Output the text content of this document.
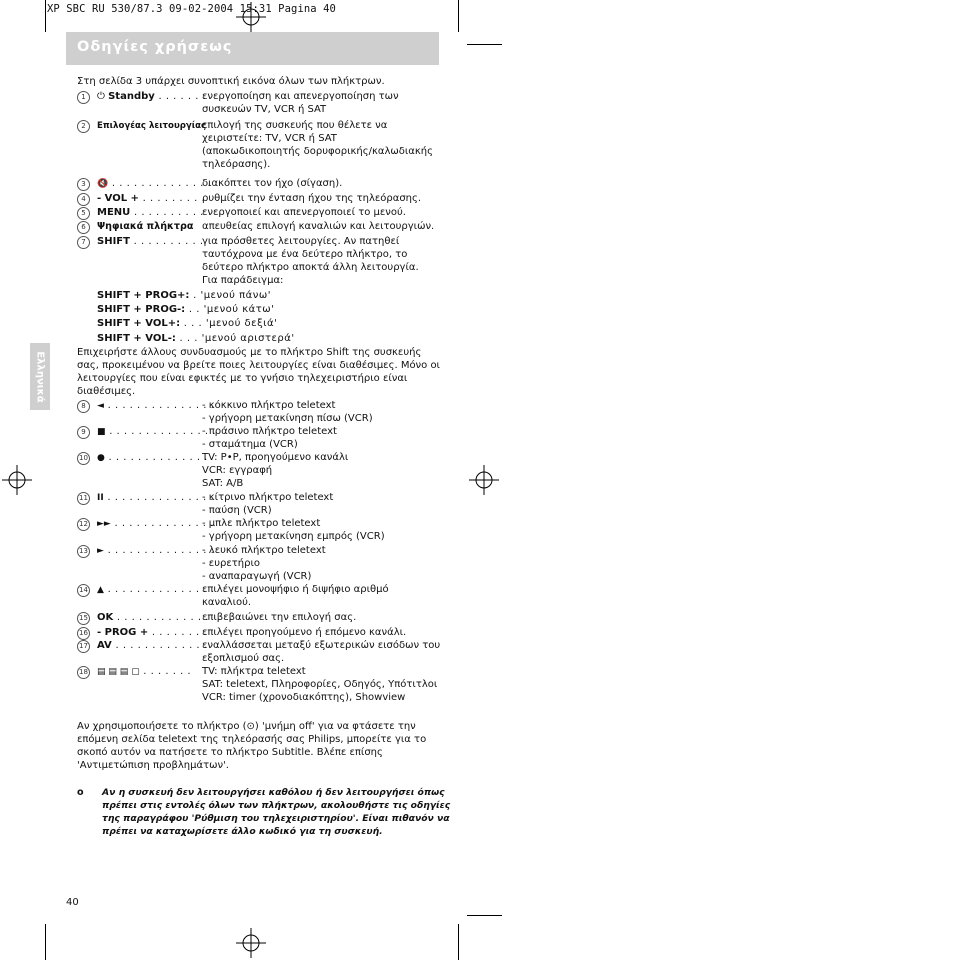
XP SBC RU 530/87.3 09-02-2004 15:31 Pagina 40
Οδηγίες χρήσεως
Ελληνικά
Στη σελίδα 3 υπάρχει συνοπτική εικόνα όλων των πλήκτρων.
1	⏻ Standby . . . . . . .
ενεργοποίηση και απενεργοποίηση των
συσκευών TV, VCR ή SAT
2	Επιλογέας λειτουργίας
επιλογή της συσκευής που θέλετε να
χειριστείτε: TV, VCR ή SAT
(αποκωδικοποιητής δορυφορικής/καλωδιακής
τηλεόρασης).
3	🔇 . . . . . . . . . . . . . .
διακόπτει τον ήχο (σίγαση).
4	- VOL + . . . . . . . . .
ρυθμίζει την ένταση ήχου της τηλεόρασης.
5	MENU . . . . . . . . . .
ενεργοποιεί και απενεργοποιεί το μενού.
6	Ψηφιακά πλήκτρα απευθείας επιλογή καναλιών και λειτουργιών.
7	SHIFT . . . . . . . . . .
για πρόσθετες λειτουργίες. Αν πατηθεί
ταυτόχρονα με ένα δεύτερο πλήκτρο, το
δεύτερο πλήκτρο αποκτά άλλη λειτουργία.
Για παράδειγμα:
SHIFT + PROG+: . 'μενού πάνω'
SHIFT + PROG-: . . 'μενού κάτω'
SHIFT + VOL+: . . . 'μενού δεξιά'
SHIFT + VOL-: . . . 'μενού αριστερά'
Επιχειρήστε άλλους συνδυασμούς με το πλήκτρο Shift της συσκευής
σας, προκειμένου να βρείτε ποιες λειτουργίες είναι διαθέσιμες. Μόνο οι
λειτουργίες που είναι εφικτές με το γνήσιο τηλεχειριστήριο είναι
διαθέσιμες.
8	◄ . . . . . . . . . . . . . . .
- κόκκινο πλήκτρο teletext
- γρήγορη μετακίνηση πίσω (VCR)
9	■ . . . . . . . . . . . . . . .
- πράσινο πλήκτρο teletext
- σταμάτημα (VCR)
10 ● . . . . . . . . . . . . . .
TV: P•P, προηγούμενο κανάλι
VCR: εγγραφή
SAT: A/B
11 II . . . . . . . . . . . . . . .
- κίτρινο πλήκτρο teletext
- παύση (VCR)
12 ►► . . . . . . . . . . . . . .
- μπλε πλήκτρο teletext
- γρήγορη μετακίνηση εμπρός (VCR)
13 ► . . . . . . . . . . . . . . .
- λευκό πλήκτρο teletext
- ευρετήριο
- αναπαραγωγή (VCR)
14 ▲ . . . . . . . . . . . . . . .
επιλέγει μονοψήφιο ή διψήφιο αριθμό
καναλιού.
15 OK . . . . . . . . . . . . .
επιβεβαιώνει την επιλογή σας.
16 - PROG + . . . . . . . .
επιλέγει προηγούμενο ή επόμενο κανάλι.
17 AV . . . . . . . . . . . . .
εναλλάσσεται μεταξύ εξωτερικών εισόδων του
εξοπλισμού σας.
18 ▤ ▤ ▤ ▢ . . . . . . . TV: πλήκτρα teletext
SAT: teletext, Πληροφορίες, Οδηγός, Υπότιτλοι
VCR: timer (χρονοδιακόπτης), Showview
Αν χρησιμοποιήσετε το πλήκτρο (⊙) 'μνήμη off' για να φτάσετε την
επόμενη σελίδα teletext της τηλεόρασής σας Philips, μπορείτε για το
σκοπό αυτόν να πατήσετε το πλήκτρο Subtitle. Βλέπε επίσης
'Αντιμετώπιση προβλημάτων'.
o Αν η συσκευή δεν λειτουργήσει καθόλου ή δεν λειτουργήσει όπως
πρέπει στις εντολές όλων των πλήκτρων, ακολουθήστε τις οδηγίες
της παραγράφου 'Ρύθμιση του τηλεχειριστηρίου'. Είναι πιθανόν να
πρέπει να καταχωρίσετε άλλο κωδικό για τη συσκευή.
40
